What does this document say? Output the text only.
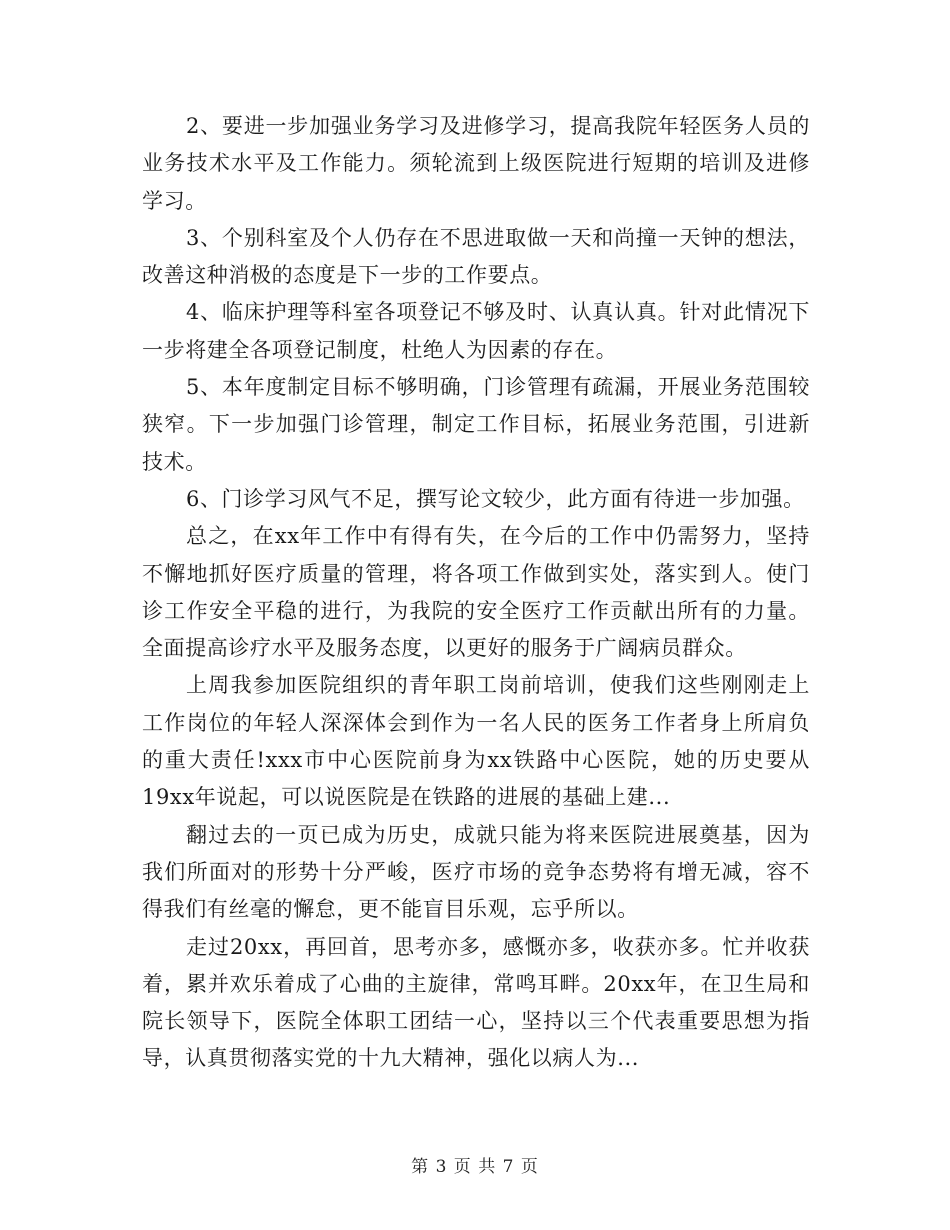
2、要进一步加强业务学习及进修学习，提高我院年轻医务人员的业务技术水平及工作能力。须轮流到上级医院进行短期的培训及进修学习。

3、个别科室及个人仍存在不思进取做一天和尚撞一天钟的想法，改善这种消极的态度是下一步的工作要点。

4、临床护理等科室各项登记不够及时、认真认真。针对此情况下一步将建全各项登记制度，杜绝人为因素的存在。

5、本年度制定目标不够明确，门诊管理有疏漏，开展业务范围较狭窄。下一步加强门诊管理，制定工作目标，拓展业务范围，引进新技术。

6、门诊学习风气不足，撰写论文较少，此方面有待进一步加强。

总之，在xx年工作中有得有失，在今后的工作中仍需努力，坚持不懈地抓好医疗质量的管理，将各项工作做到实处，落实到人。使门诊工作安全平稳的进行，为我院的安全医疗工作贡献出所有的力量。全面提高诊疗水平及服务态度，以更好的服务于广阔病员群众。

上周我参加医院组织的青年职工岗前培训，使我们这些刚刚走上工作岗位的年轻人深深体会到作为一名人民的医务工作者身上所肩负的重大责任!xxx市中心医院前身为xx铁路中心医院，她的历史要从19xx年说起，可以说医院是在铁路的进展的基础上建...

翻过去的一页已成为历史，成就只能为将来医院进展奠基，因为我们所面对的形势十分严峻，医疗市场的竞争态势将有增无减，容不得我们有丝毫的懈怠，更不能盲目乐观，忘乎所以。

走过20xx，再回首，思考亦多，感慨亦多，收获亦多。忙并收获着，累并欢乐着成了心曲的主旋律，常鸣耳畔。20xx年，在卫生局和院长领导下，医院全体职工团结一心，坚持以三个代表重要思想为指导，认真贯彻落实党的十九大精神，强化以病人为...

第 3 页 共 7 页
